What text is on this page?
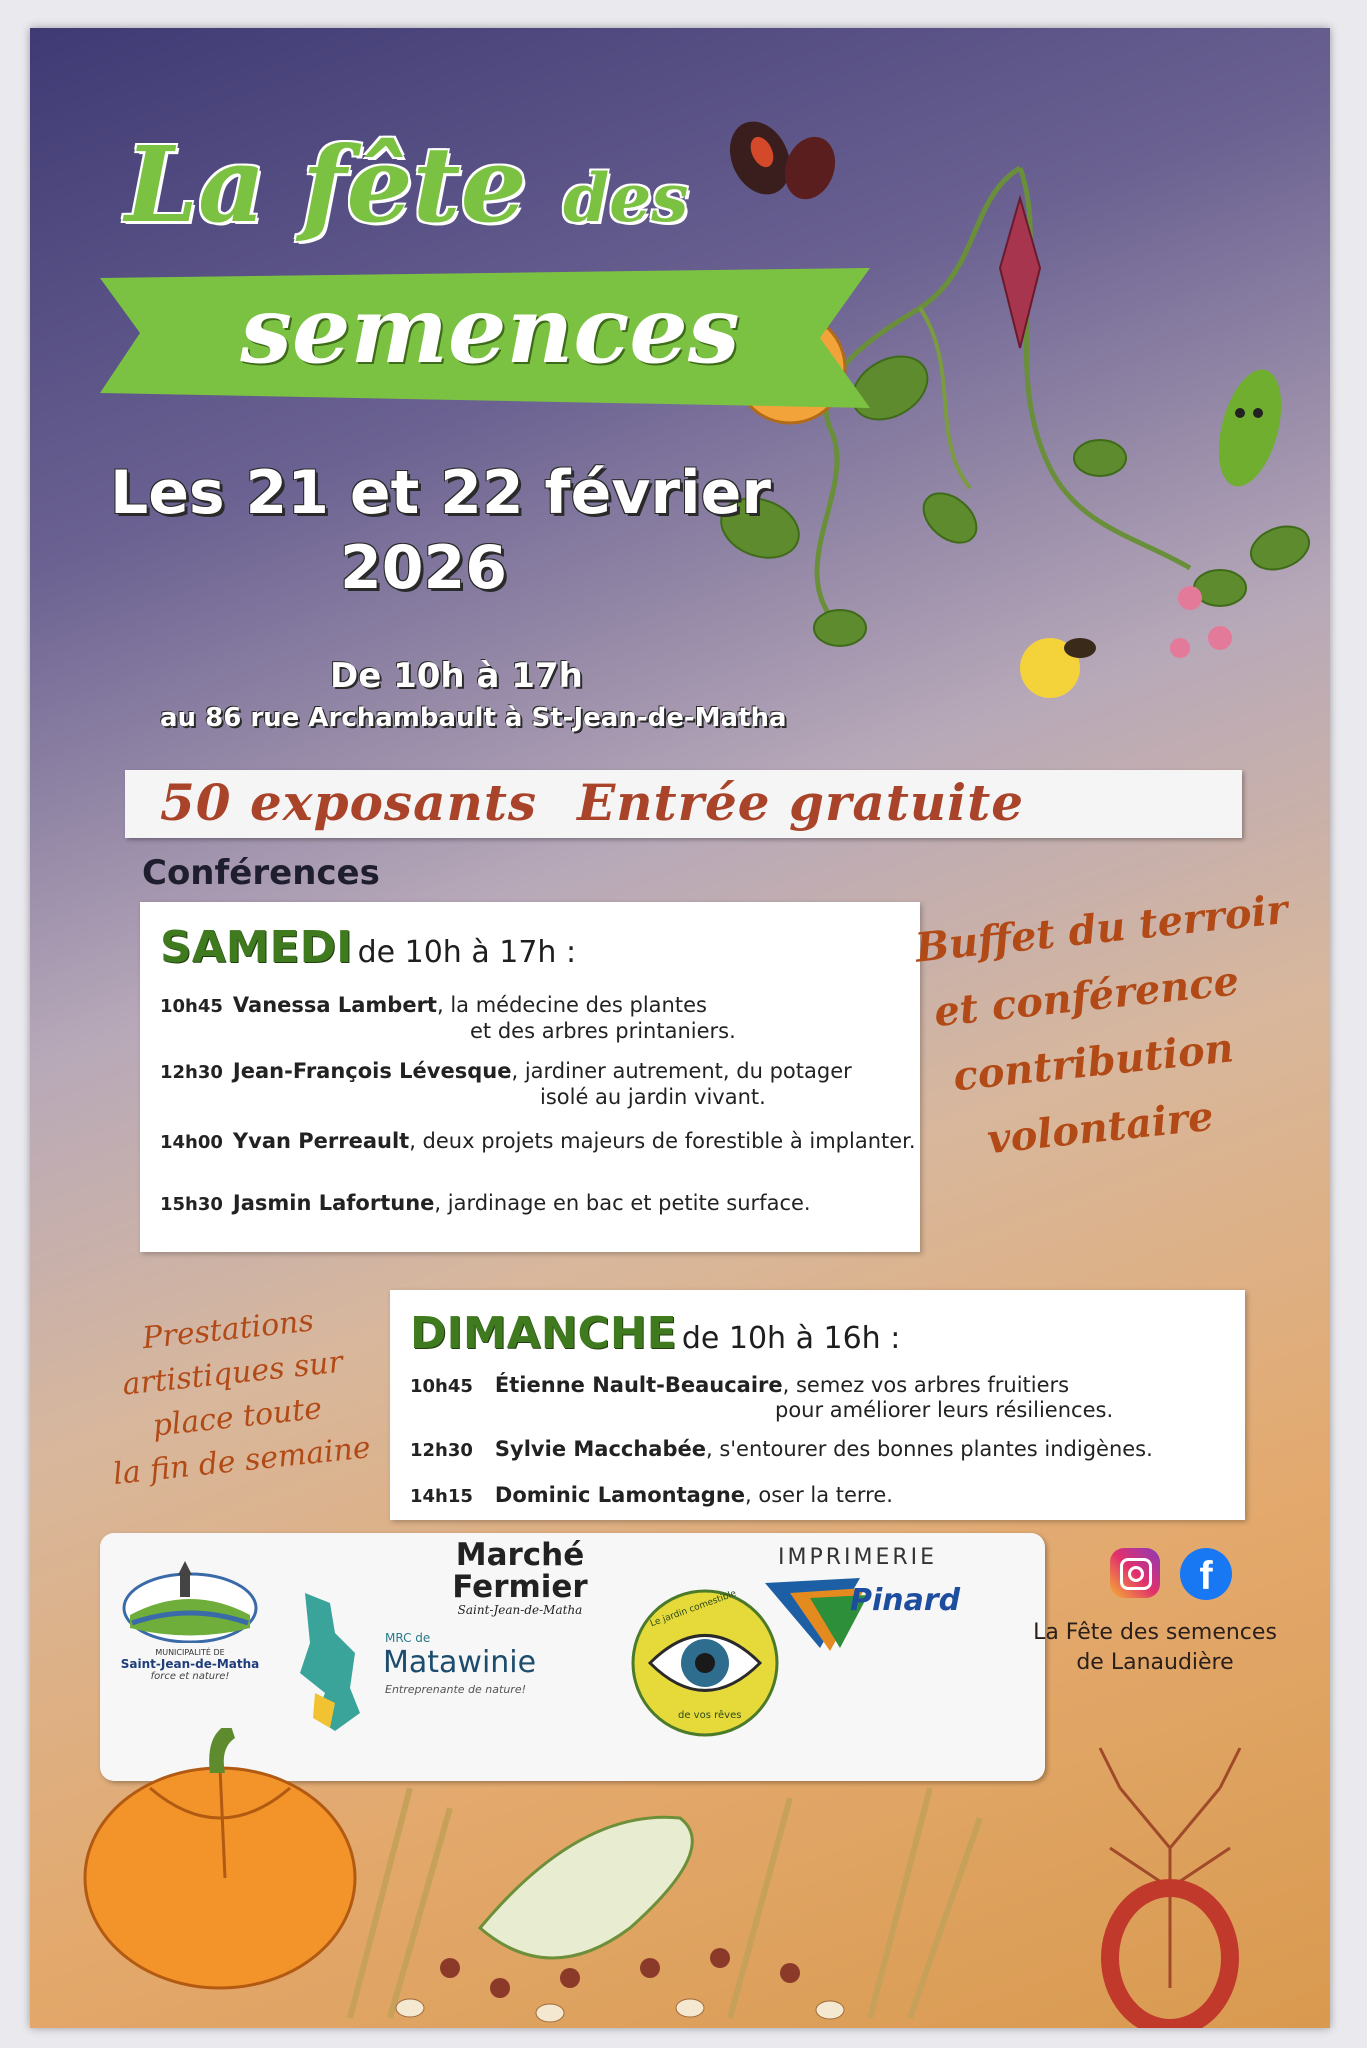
La fête des
semences
Les 21 et 22 février
2026
De 10h à 17h
au 86 rue Archambault à St-Jean-de-Matha
50 exposants Entrée gratuite
Conférences
SAMEDI de 10h à 17h :
10h45 Vanessa Lambert, la médecine des plantes
et des arbres printaniers.
12h30 Jean-François Lévesque, jardiner autrement, du potager
isolé au jardin vivant.
14h00 Yvan Perreault, deux projets majeurs de forestible à implanter.
15h30 Jasmin Lafortune, jardinage en bac et petite surface.
Buffet du terroir
et conférence
contribution
volontaire
Prestations
artistiques sur
place toute
la fin de semaine
DIMANCHE de 10h à 16h :
10h45 Étienne Nault-Beaucaire, semez vos arbres fruitiers
pour améliorer leurs résiliences.
12h30 Sylvie Macchabée, s'entourer des bonnes plantes indigènes.
14h15 Dominic Lamontagne, oser la terre.
MUNICIPALITÉ DE
Saint-Jean-de-Matha
force et nature!
MRC de
Matawinie
Entreprenante de nature!
Marché
Fermier
Saint-Jean-de-Matha	Le jardin comestible
de vos rêves
IMPRIMERIE
Pinard
f
La Fête des semences
de Lanaudière
